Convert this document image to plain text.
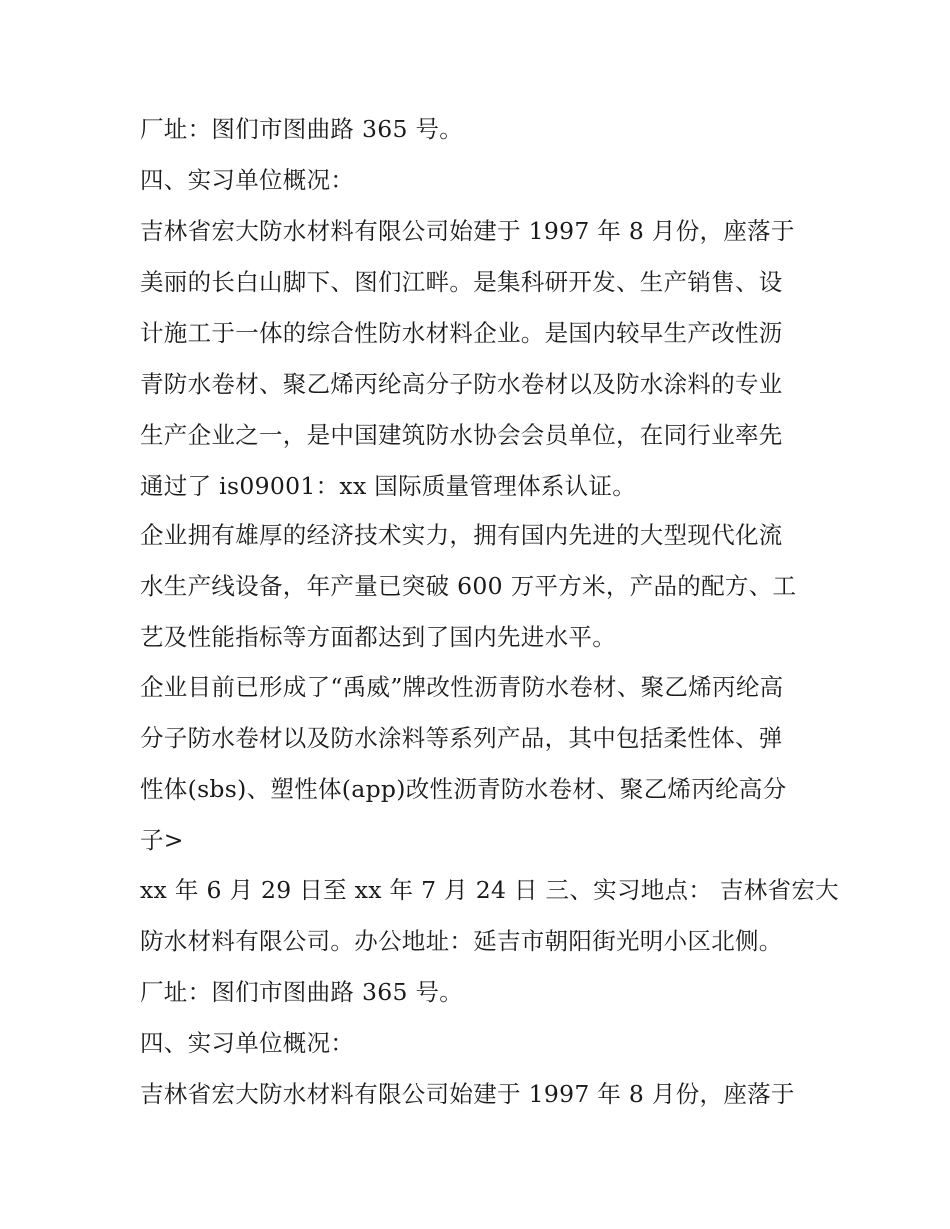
厂址：图们市图曲路 365 号。

四、实习单位概况：

吉林省宏大防水材料有限公司始建于 1997 年 8 月份，座落于

美丽的长白山脚下、图们江畔。是集科研开发、生产销售、设

计施工于一体的综合性防水材料企业。是国内较早生产改性沥

青防水卷材、聚乙烯丙纶高分子防水卷材以及防水涂料的专业

生产企业之一，是中国建筑防水协会会员单位，在同行业率先

通过了 is09001：xx 国际质量管理体系认证。

企业拥有雄厚的经济技术实力，拥有国内先进的大型现代化流

水生产线设备，年产量已突破 600 万平方米，产品的配方、工

艺及性能指标等方面都达到了国内先进水平。

企业目前已形成了“禹威”牌改性沥青防水卷材、聚乙烯丙纶高

分子防水卷材以及防水涂料等系列产品，其中包括柔性体、弹

性体(sbs)、塑性体(app)改性沥青防水卷材、聚乙烯丙纶高分

子>

xx 年 6 月 29 日至 xx 年 7 月 24 日 三、实习地点： 吉林省宏大

防水材料有限公司。办公地址：延吉市朝阳街光明小区北侧。

厂址：图们市图曲路 365 号。

四、实习单位概况：

吉林省宏大防水材料有限公司始建于 1997 年 8 月份，座落于
